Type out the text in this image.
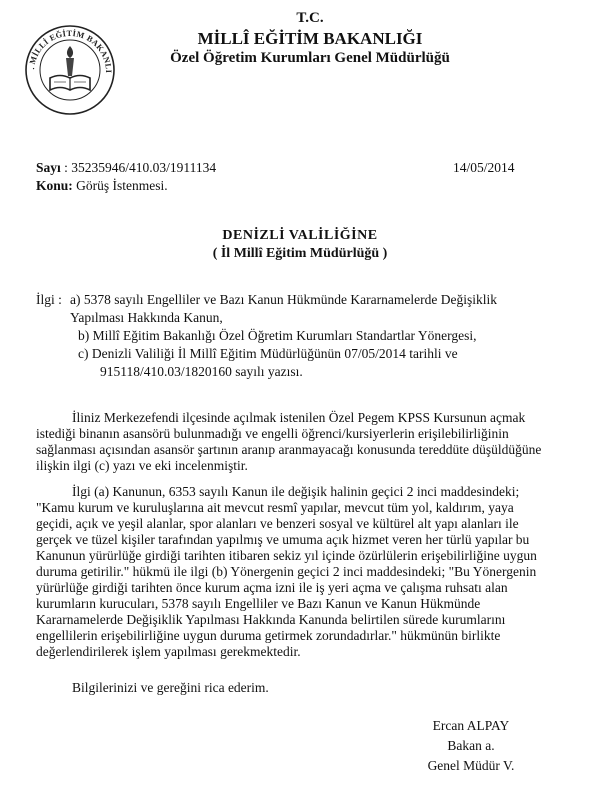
. MİLLİ EĞİTİM BAKANLI
T.C.
MİLLÎ EĞİTİM BAKANLIĞI
Özel Öğretim Kurumları Genel Müdürlüğü
Sayı : 35235946/410.03/1911134	14/05/2014
Konu: Görüş İstenmesi.
DENİZLİ VALİLİĞİNE
( İl Millî Eğitim Müdürlüğü )
İlgi : a) 5378 sayılı Engelliler ve Bazı Kanun Hükmünde Kararnamelerde Değişiklik
Yapılması Hakkında Kanun,
b) Millî Eğitim Bakanlığı Özel Öğretim Kurumları Standartlar Yönergesi,
c) Denizli Valiliği İl Millî Eğitim Müdürlüğünün 07/05/2014 tarihli ve
915118/410.03/1820160 sayılı yazısı.
İliniz Merkezefendi ilçesinde açılmak istenilen Özel Pegem KPSS Kursunun açmak
istediği binanın asansörü bulunmadığı ve engelli öğrenci/kursiyerlerin erişilebilirliğinin
sağlanması açısından asansör şartının aranıp aranmayacağı konusunda tereddüte düşüldüğüne
ilişkin ilgi (c) yazı ve eki incelenmiştir.
İlgi (a) Kanunun, 6353 sayılı Kanun ile değişik halinin geçici 2 inci maddesindeki;
"Kamu kurum ve kuruluşlarına ait mevcut resmî yapılar, mevcut tüm yol, kaldırım, yaya
geçidi, açık ve yeşil alanlar, spor alanları ve benzeri sosyal ve kültürel alt yapı alanları ile
gerçek ve tüzel kişiler tarafından yapılmış ve umuma açık hizmet veren her türlü yapılar bu
Kanunun yürürlüğe girdiği tarihten itibaren sekiz yıl içinde özürlülerin erişebilirliğine uygun
duruma getirilir." hükmü ile ilgi (b) Yönergenin geçici 2 inci maddesindeki; "Bu Yönergenin
yürürlüğe girdiği tarihten önce kurum açma izni ile iş yeri açma ve çalışma ruhsatı alan
kurumların kurucuları, 5378 sayılı Engelliler ve Bazı Kanun ve Kanun Hükmünde
Kararnamelerde Değişiklik Yapılması Hakkında Kanunda belirtilen sürede kurumlarını
engellilerin erişebilirliğine uygun duruma getirmek zorundadırlar." hükmünün birlikte
değerlendirilerek işlem yapılması gerekmektedir.
Bilgilerinizi ve gereğini rica ederim.
Ercan ALPAY
Bakan a.
Genel Müdür V.
